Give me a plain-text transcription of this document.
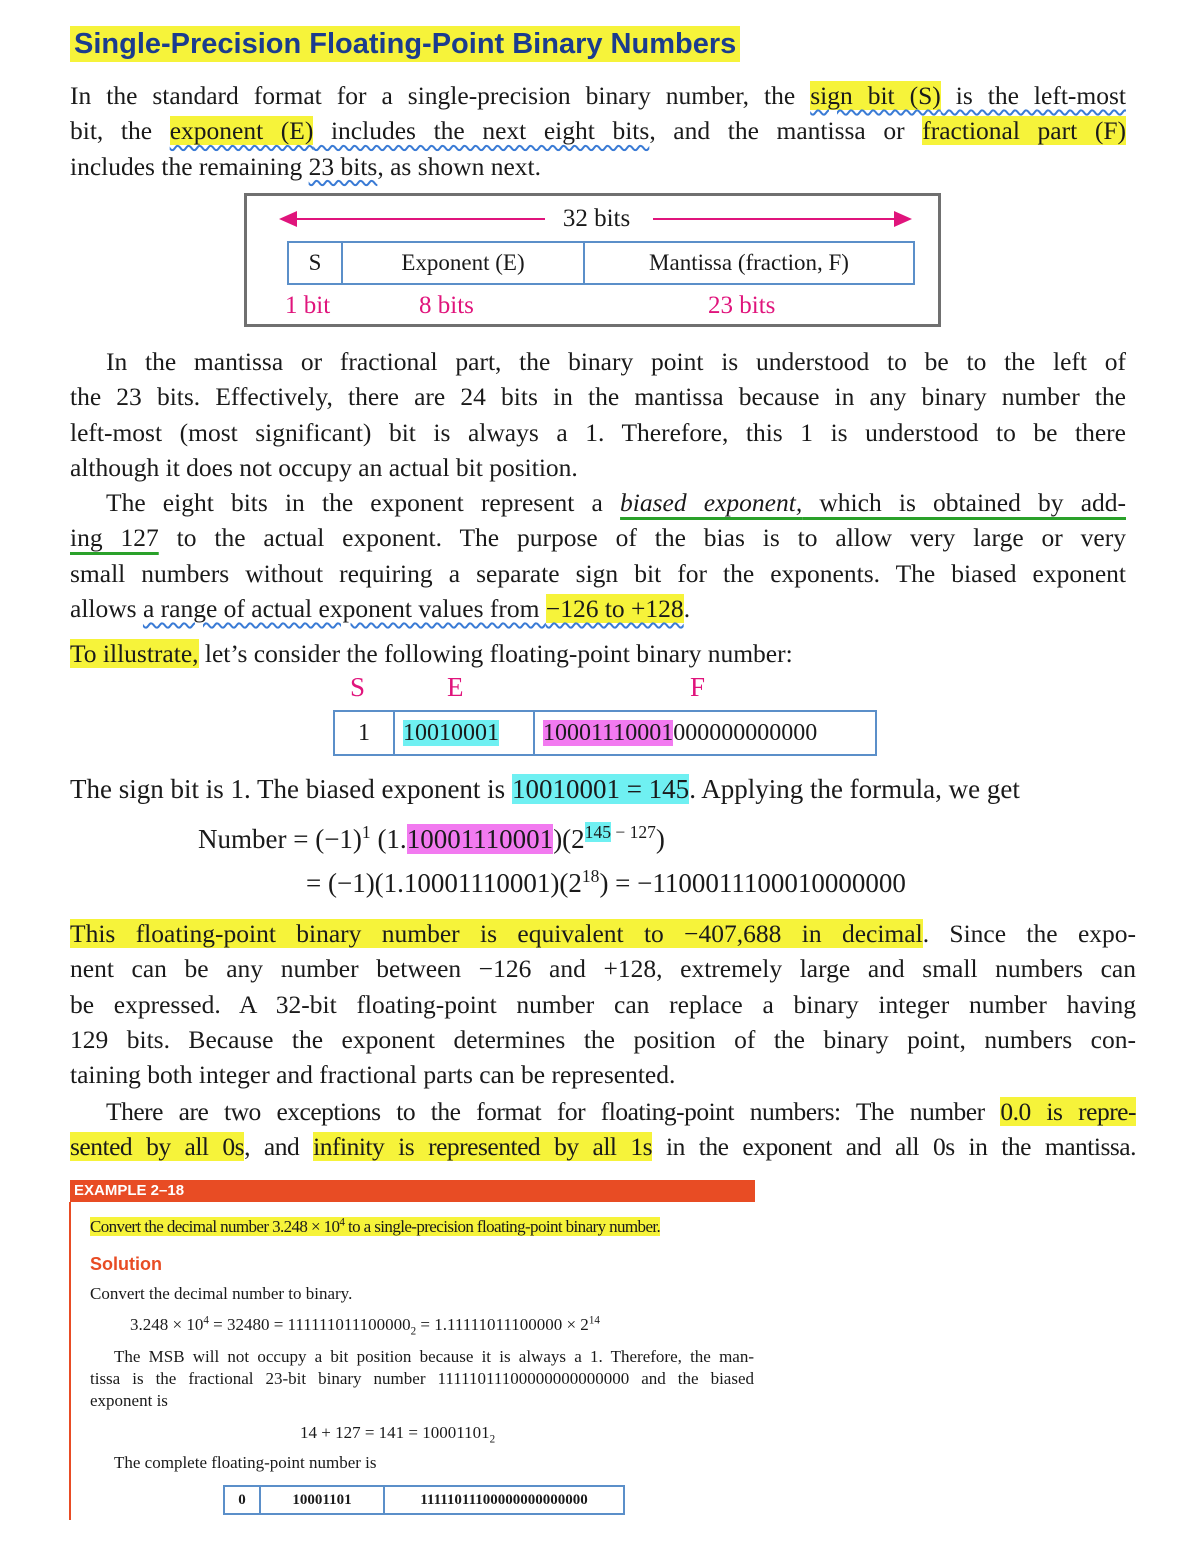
Single-Precision Floating-Point Binary Numbers
In the standard format for a single-precision binary number, the sign bit (S) is the left-most
bit, the exponent (E) includes the next eight bits, and the mantissa or fractional part (F)
includes the remaining 23 bits, as shown next.
32 bits
S	Exponent (E)	Mantissa (fraction, F)
1 bit	8 bits	23 bits
In the mantissa or fractional part, the binary point is understood to be to the left of
the 23 bits. Effectively, there are 24 bits in the mantissa because in any binary number the
left-most (most significant) bit is always a 1. Therefore, this 1 is understood to be there
although it does not occupy an actual bit position.
The eight bits in the exponent represent a biased exponent, which is obtained by add-
ing 127 to the actual exponent. The purpose of the bias is to allow very large or very
small numbers without requiring a separate sign bit for the exponents. The biased exponent
allows a range of actual exponent values from −126 to +128.
To illustrate, let’s consider the following floating-point binary number:
S	E	F
1	10010001	10001110001000000000000
The sign bit is 1. The biased exponent is 10010001 = 145. Applying the formula, we get
Number = $(-1)^1$ $(1.10001110001)(2^{145 - 127})$
= $(-1)(1.10001110001)(2^{18}) = -1100011100010000000$
This floating-point binary number is equivalent to −407,688 in decimal. Since the expo-
nent can be any number between −126 and +128, extremely large and small numbers can
be expressed. A 32-bit floating-point number can replace a binary integer number having
129 bits. Because the exponent determines the position of the binary point, numbers con-
taining both integer and fractional parts can be represented.
There are two exceptions to the format for floating-point numbers: The number 0.0 is repre-
sented by all 0s, and infinity is represented by all 1s in the exponent and all 0s in the mantissa.
EXAMPLE 2–18
Convert the decimal number $3.248 \times 10^4$ to a single-precision floating-point binary number.
Solution
Convert the decimal number to binary.
$3.248 \times 10^4 = 32480 = 111111011100000_2 = 1.11111011100000 \times 2^{14}$
The MSB will not occupy a bit position because it is always a 1. Therefore, the man-
tissa is the fractional 23-bit binary number 11111011100000000000000 and the biased
exponent is
$14 + 127 = 141 = 10001101_2$
The complete floating-point number is
0	10001101	11111011100000000000000
